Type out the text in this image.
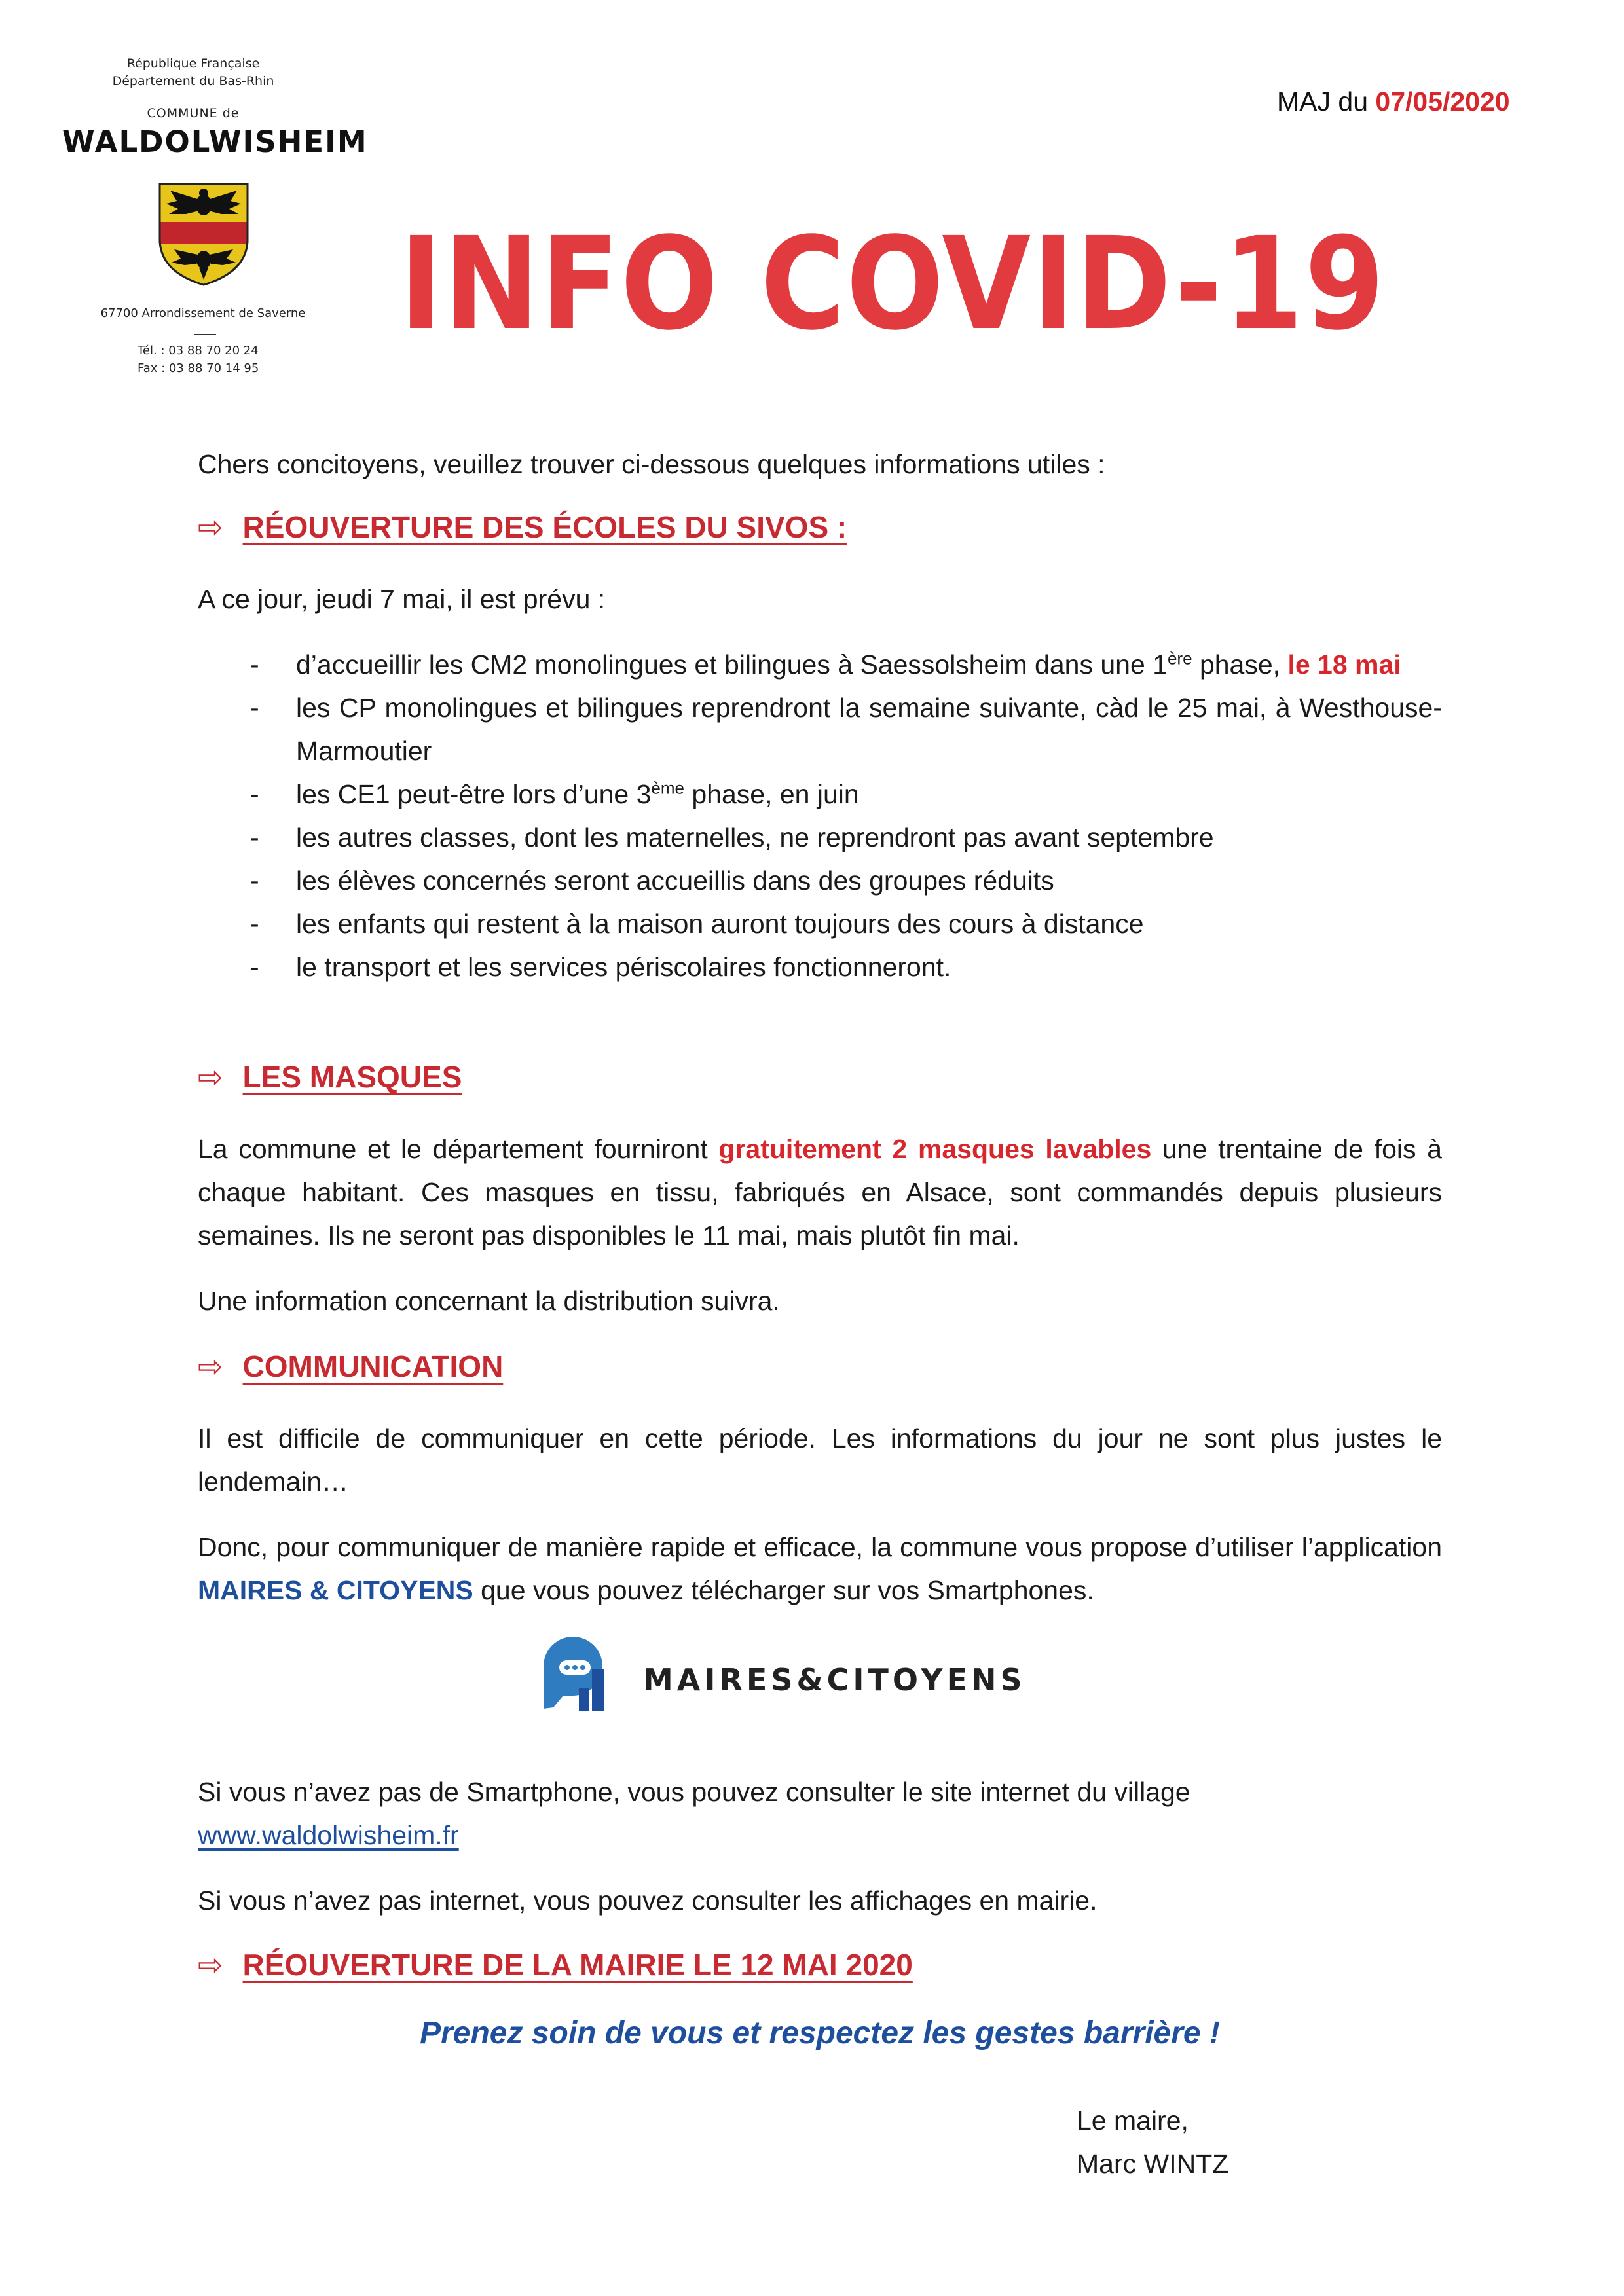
République Française
Département du Bas-Rhin
COMMUNE de
WALDOLWISHEIM
67700 Arrondissement de Saverne
Tél. : 03 88 70 20 24
Fax : 03 88 70 14 95
MAJ du 07/05/2020
INFO COVID-19
Chers concitoyens, veuillez trouver ci-dessous quelques informations utiles :
⇨ RÉOUVERTURE DES ÉCOLES DU SIVOS :
A ce jour, jeudi 7 mai, il est prévu :
- d’accueillir les CM2 monolingues et bilingues à Saessolsheim dans une 1ère phase, le 18 mai
- les CP monolingues et bilingues reprendront la semaine suivante, càd le 25 mai, à Westhouse-Marmoutier
- les CE1 peut-être lors d’une 3ème phase, en juin
- les autres classes, dont les maternelles, ne reprendront pas avant septembre
- les élèves concernés seront accueillis dans des groupes réduits
- les enfants qui restent à la maison auront toujours des cours à distance
- le transport et les services périscolaires fonctionneront.
⇨ LES MASQUES

La commune et le département fourniront gratuitement 2 masques lavables une trentaine de fois à chaque habitant. Ces masques en tissu, fabriqués en Alsace, sont commandés depuis plusieurs semaines. Ils ne seront pas disponibles le 11 mai, mais plutôt fin mai.

Une information concernant la distribution suivra.
⇨ COMMUNICATION

Il est difficile de communiquer en cette période. Les informations du jour ne sont plus justes le lendemain…

Donc, pour communiquer de manière rapide et efficace, la commune vous propose d’utiliser l’application MAIRES & CITOYENS que vous pouvez télécharger sur vos Smartphones.

MAIRES&CITOYENS

Si vous n’avez pas de Smartphone, vous pouvez consulter le site internet du village
www.waldolwisheim.fr

Si vous n’avez pas internet, vous pouvez consulter les affichages en mairie.

⇨ RÉOUVERTURE DE LA MAIRIE LE 12 MAI 2020
Prenez soin de vous et respectez les gestes barrière !
Le maire,
Marc WINTZ
